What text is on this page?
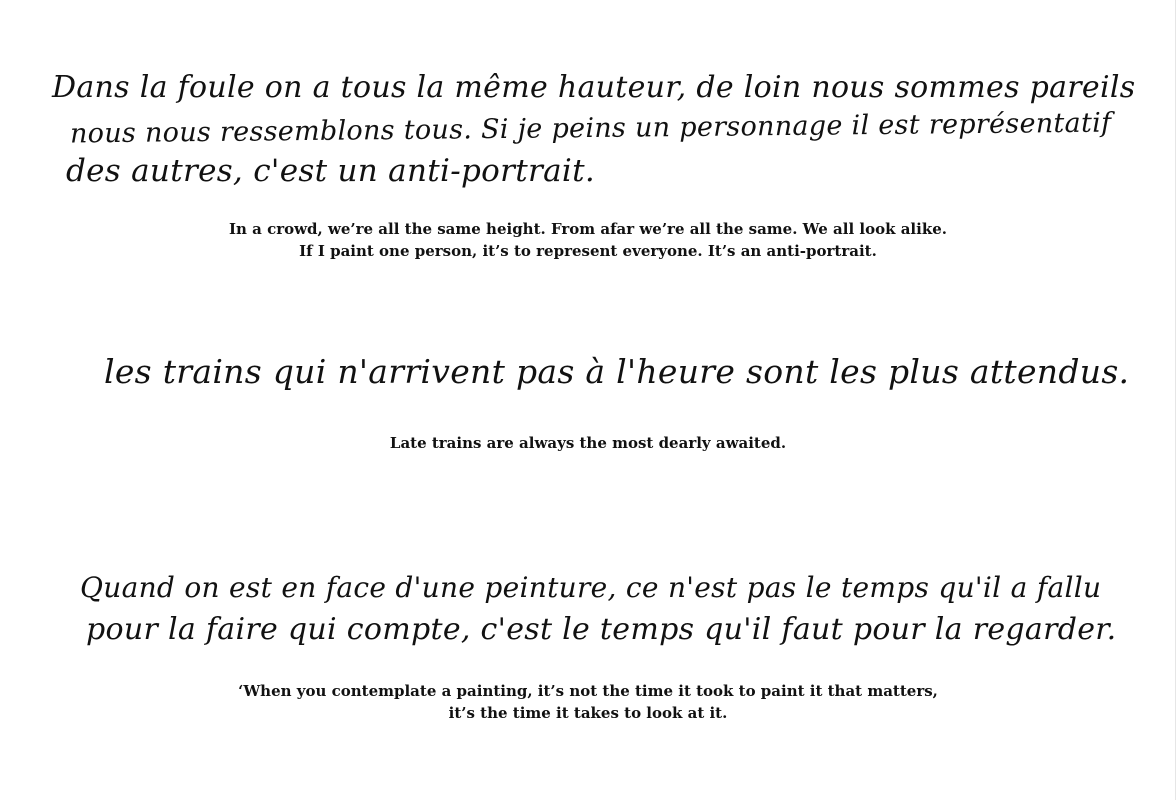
Dans la foule on a tous la même hauteur, de loin nous sommes pareils
nous nous ressemblons tous. Si je peins un personnage il est représentatif
des autres, c'est un anti-portrait.
In a crowd, we’re all the same height. From afar we’re all the same. We all look alike.
If I paint one person, it’s to represent everyone. It’s an anti-portrait.
les trains qui n'arrivent pas à l'heure sont les plus attendus.
Late trains are always the most dearly awaited.
Quand on est en face d'une peinture, ce n'est pas le temps qu'il a fallu
pour la faire qui compte, c'est le temps qu'il faut pour la regarder.
‘When you contemplate a painting, it’s not the time it took to paint it that matters,
it’s the time it takes to look at it.
